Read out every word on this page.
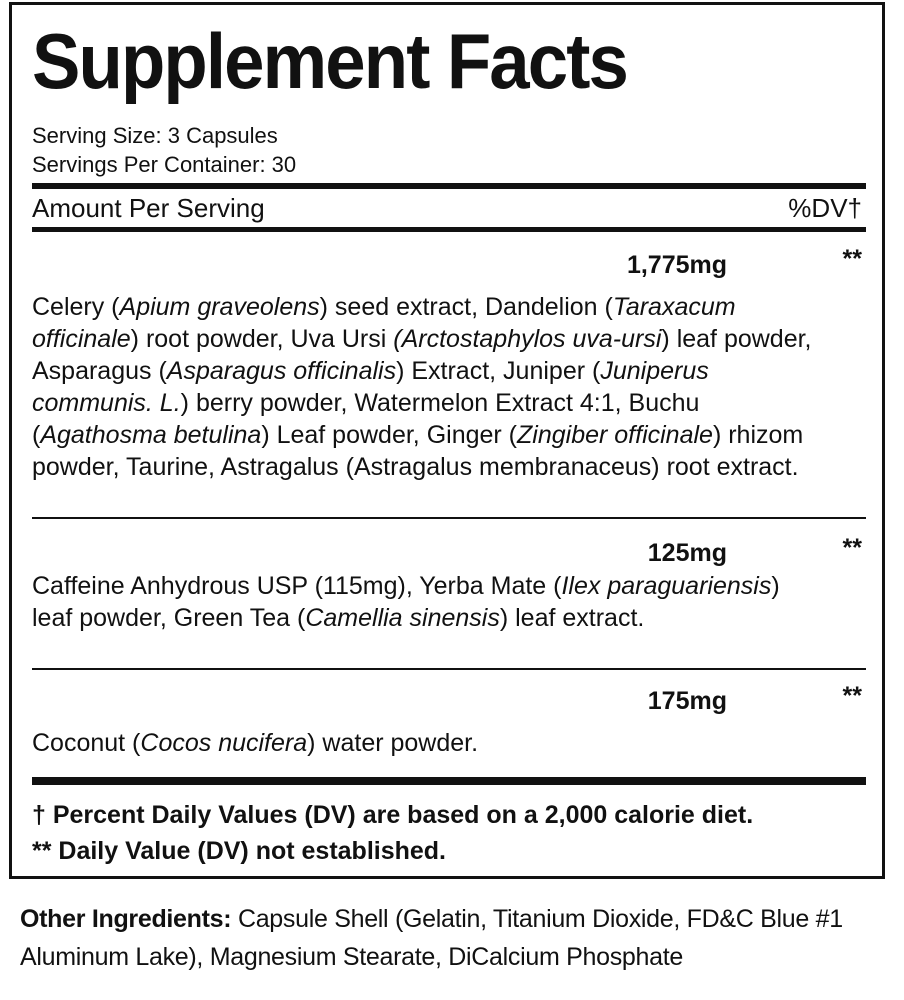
Supplement Facts
Serving Size: 3 Capsules
Servings Per Container: 30
Amount Per Serving	%DV†
1,775mg	**
Celery (Apium graveolens) seed extract, Dandelion (Taraxacum officinale) root powder, Uva Ursi (Arctostaphylos uva-ursi) leaf powder, Asparagus (Asparagus officinalis) Extract, Juniper (Juniperus communis. L.) berry powder, Watermelon Extract 4:1, Buchu (Agathosma betulina) Leaf powder, Ginger (Zingiber officinale) rhizom powder, Taurine, Astragalus (Astragalus membranaceus) root extract.
125mg	**
Caffeine Anhydrous USP (115mg), Yerba Mate (Ilex paraguariensis) leaf powder, Green Tea (Camellia sinensis) leaf extract.
175mg	**
Coconut (Cocos nucifera) water powder.
† Percent Daily Values (DV) are based on a 2,000 calorie diet.
** Daily Value (DV) not established.
Other Ingredients: Capsule Shell (Gelatin, Titanium Dioxide, FD&C Blue #1 Aluminum Lake), Magnesium Stearate, DiCalcium Phosphate
